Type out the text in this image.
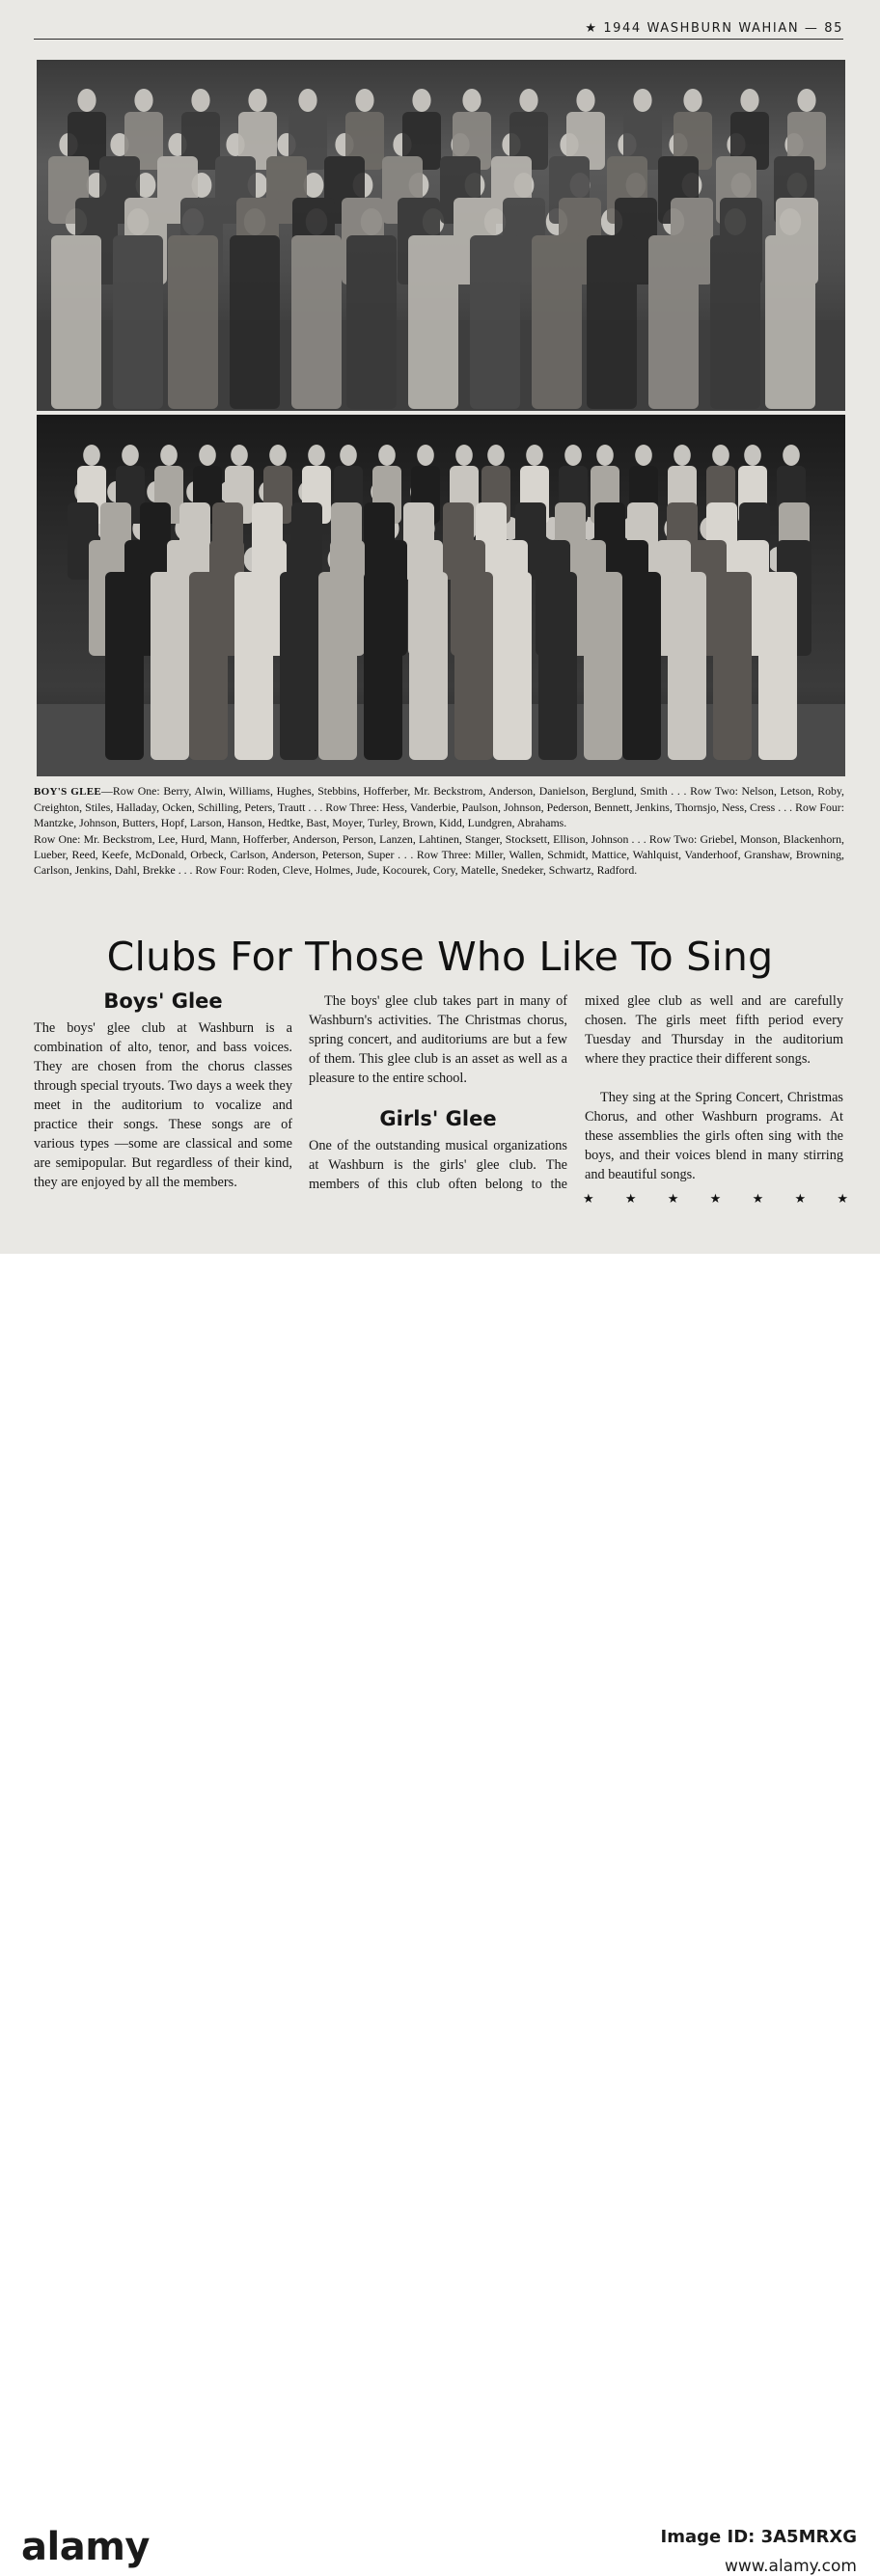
★ 1944 WASHBURN WAHIAN — 85
BOY'S GLEE—Row One: Berry, Alwin, Williams, Hughes, Stebbins, Hofferber, Mr. Beckstrom, Anderson, Danielson, Berglund, Smith . . . Row Two: Nelson, Letson, Roby, Creighton, Stiles, Halladay, Ocken, Schilling, Peters, Trautt . . . Row Three: Hess, Vanderbie, Paulson, Johnson, Pederson, Bennett, Jenkins, Thornsjo, Ness, Cress . . . Row Four: Mantzke, Johnson, Butters, Hopf, Larson, Hanson, Hedtke, Bast, Moyer, Turley, Brown, Kidd, Lundgren, Abrahams.
Row One: Mr. Beckstrom, Lee, Hurd, Mann, Hofferber, Anderson, Person, Lanzen, Lahtinen, Stanger, Stocksett, Ellison, Johnson . . . Row Two: Griebel, Monson, Blackenhorn, Lueber, Reed, Keefe, McDonald, Orbeck, Carlson, Anderson, Peterson, Super . . . Row Three: Miller, Wallen, Schmidt, Mattice, Wahlquist, Vanderhoof, Granshaw, Browning, Carlson, Jenkins, Dahl, Brekke . . . Row Four: Roden, Cleve, Holmes, Jude, Kocourek, Cory, Matelle, Snedeker, Schwartz, Radford.
Clubs For Those Who Like To Sing
Boys' Glee

The boys' glee club at Washburn is a combination of alto, tenor, and bass voices. They are chosen from the chorus classes through special tryouts. Two days a week they meet in the auditorium to vocalize and practice their songs. These songs are of various types —some are classical and some are semipopular. But regardless of their kind, they are enjoyed by all the members.

The boys' glee club takes part in many of Washburn's activities. The Christmas chorus, spring concert, and auditoriums are but a few of them. This glee club is an asset as well as a pleasure to the entire school.

Girls' Glee

One of the outstanding musical organizations at Washburn is the girls' glee club. The members of this club often belong to the

mixed glee club as well and are carefully chosen. The girls meet fifth period every Tuesday and Thursday in the auditorium where they practice their different songs.

They sing at the Spring Concert, Christmas Chorus, and other Washburn programs. At these assemblies the girls often sing with the boys, and their voices blend in many stirring and beautiful songs.

★ ★ ★ ★ ★ ★ ★
alamy	Image ID: 3A5MRXG
www.alamy.com
